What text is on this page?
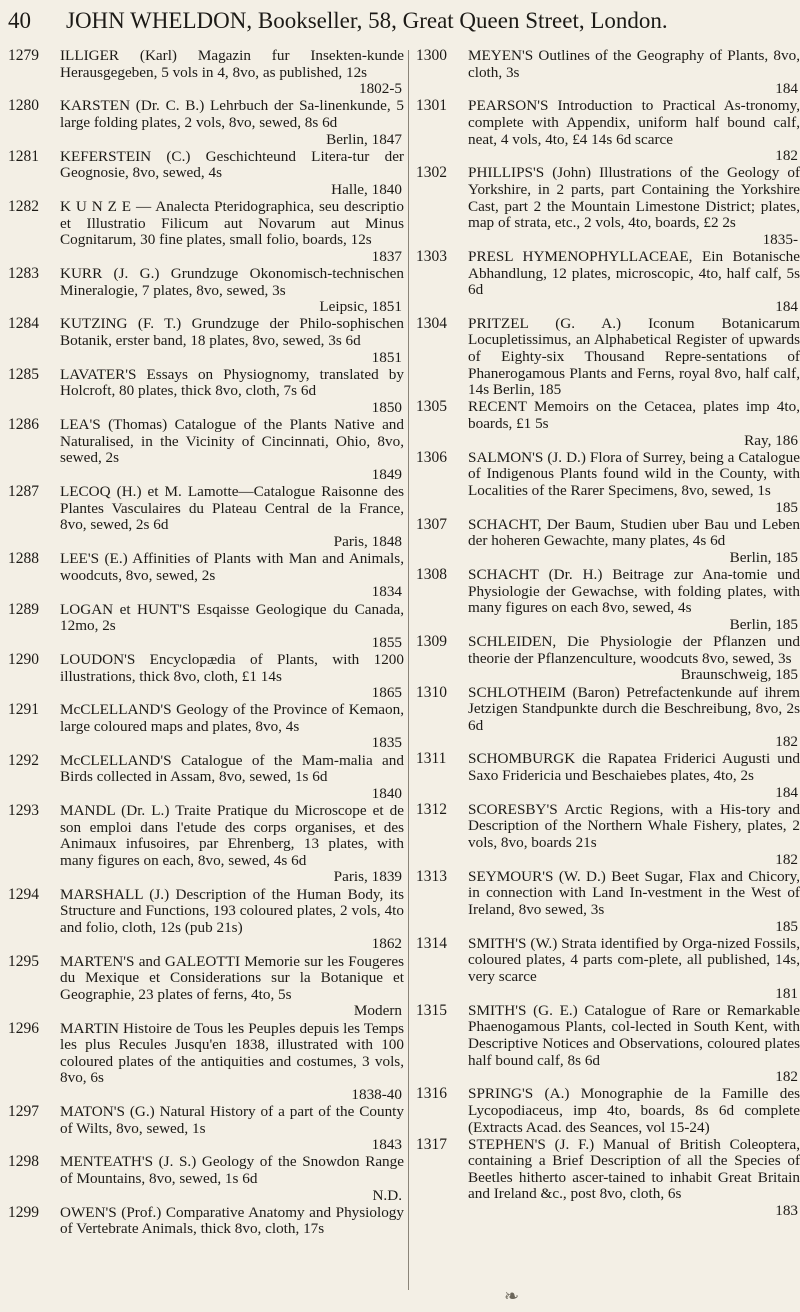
40 JOHN WHELDON, Bookseller, 58, Great Queen Street, London.
1279 ILLIGER (Karl) Magazin fur Insekten-kunde Herausgegeben, 5 vols in 4, 8vo, as published, 12s
1802-5
1280 KARSTEN (Dr. C. B.) Lehrbuch der Sa-linenkunde, 5 large folding plates, 2 vols, 8vo, sewed, 8s 6d
Berlin, 1847
1281 KEFERSTEIN (C.) Geschichteund Litera-tur der Geognosie, 8vo, sewed, 4s
Halle, 1840
1282 K U N Z E — Analecta Pteridographica, seu descriptio et Illustratio Filicum aut Novarum aut Minus Cognitarum, 30 fine plates, small folio, boards, 12s
1837
1283 KURR (J. G.) Grundzuge Okonomisch-technischen Mineralogie, 7 plates, 8vo, sewed, 3s
Leipsic, 1851
1284 KUTZING (F. T.) Grundzuge der Philo-sophischen Botanik, erster band, 18 plates, 8vo, sewed, 3s 6d
1851
1285 LAVATER'S Essays on Physiognomy, translated by Holcroft, 80 plates, thick 8vo, cloth, 7s 6d
1850
1286 LEA'S (Thomas) Catalogue of the Plants Native and Naturalised, in the Vicinity of Cincinnati, Ohio, 8vo, sewed, 2s
1849
1287 LECOQ (H.) et M. Lamotte—Catalogue Raisonne des Plantes Vasculaires du Plateau Central de la France, 8vo, sewed, 2s 6d
Paris, 1848
1288 LEE'S (E.) Affinities of Plants with Man and Animals, woodcuts, 8vo, sewed, 2s
1834
1289 LOGAN et HUNT'S Esqaisse Geologique du Canada, 12mo, 2s
1855
1290 LOUDON'S Encyclopædia of Plants, with 1200 illustrations, thick 8vo, cloth, £1 14s
1865
1291 McCLELLAND'S Geology of the Province of Kemaon, large coloured maps and plates, 8vo, 4s
1835
1292 McCLELLAND'S Catalogue of the Mam-malia and Birds collected in Assam, 8vo, sewed, 1s 6d
1840
1293 MANDL (Dr. L.) Traite Pratique du Microscope et de son emploi dans l'etude des corps organises, et des Animaux infusoires, par Ehrenberg, 13 plates, with many figures on each, 8vo, sewed, 4s 6d
Paris, 1839
1294 MARSHALL (J.) Description of the Human Body, its Structure and Functions, 193 coloured plates, 2 vols, 4to and folio, cloth, 12s (pub 21s)
1862
1295 MARTEN'S and GALEOTTI Memorie sur les Fougeres du Mexique et Considerations sur la Botanique et Geographie, 23 plates of ferns, 4to, 5s
Modern
1296 MARTIN Histoire de Tous les Peuples depuis les Temps les plus Recules Jusqu'en 1838, illustrated with 100 coloured plates of the antiquities and costumes, 3 vols, 8vo, 6s
1838-40
1297 MATON'S (G.) Natural History of a part of the County of Wilts, 8vo, sewed, 1s
1843
1298 MENTEATH'S (J. S.) Geology of the Snowdon Range of Mountains, 8vo, sewed, 1s 6d
N.D.
1299 OWEN'S (Prof.) Comparative Anatomy and Physiology of Vertebrate Animals, thick 8vo, cloth, 17s
1300 MEYEN'S Outlines of the Geography of Plants, 8vo, cloth, 3s
184
1301 PEARSON'S Introduction to Practical As-tronomy, complete with Appendix, uniform half bound calf, neat, 4 vols, 4to, £4 14s 6d scarce
182
1302 PHILLIPS'S (John) Illustrations of the Geology of Yorkshire, in 2 parts, part Containing the Yorkshire Cast, part 2 the Mountain Limestone District; plates, map of strata, etc., 2 vols, 4to, boards, £2 2s
1835-
1303 PRESL HYMENOPHYLLACEAE, Ein Botanische Abhandlung, 12 plates, microscopic, 4to, half calf, 5s 6d
184
1304 PRITZEL (G. A.) Iconum Botanicarum Locupletissimus, an Alphabetical Register of upwards of Eighty-six Thousand Repre-sentations of Phanerogamous Plants and Ferns, royal 8vo, half calf, 14s Berlin, 185
1305 RECENT Memoirs on the Cetacea, plates imp 4to, boards, £1 5s
Ray, 186
1306 SALMON'S (J. D.) Flora of Surrey, being a Catalogue of Indigenous Plants found wild in the County, with Localities of the Rarer Specimens, 8vo, sewed, 1s
185
1307 SCHACHT, Der Baum, Studien uber Bau und Leben der hoheren Gewachte, many plates, 4s 6d
Berlin, 185
1308 SCHACHT (Dr. H.) Beitrage zur Ana-tomie und Physiologie der Gewachse, with folding plates, with many figures on each 8vo, sewed, 4s
Berlin, 185
1309 SCHLEIDEN, Die Physiologie der Pflanzen und theorie der Pflanzenculture, woodcuts 8vo, sewed, 3s
Braunschweig, 185
1310 SCHLOTHEIM (Baron) Petrefactenkunde auf ihrem Jetzigen Standpunkte durch die Beschreibung, 8vo, 2s 6d
182
1311 SCHOMBURGK die Rapatea Friderici Augusti und Saxo Fridericia und Beschaiebes plates, 4to, 2s
184
1312 SCORESBY'S Arctic Regions, with a His-tory and Description of the Northern Whale Fishery, plates, 2 vols, 8vo, boards 21s
182
1313 SEYMOUR'S (W. D.) Beet Sugar, Flax and Chicory, in connection with Land In-vestment in the West of Ireland, 8vo sewed, 3s
185
1314 SMITH'S (W.) Strata identified by Orga-nized Fossils, coloured plates, 4 parts com-plete, all published, 14s, very scarce
181
1315 SMITH'S (G. E.) Catalogue of Rare or Remarkable Phaenogamous Plants, col-lected in South Kent, with Descriptive Notices and Observations, coloured plates half bound calf, 8s 6d
182
1316 SPRING'S (A.) Monographie de la Famille des Lycopodiaceus, imp 4to, boards, 8s 6d complete (Extracts Acad. des Seances, vol 15-24)
1317 STEPHEN'S (J. F.) Manual of British Coleoptera, containing a Brief Description of all the Species of Beetles hitherto ascer-tained to inhabit Great Britain and Ireland &c., post 8vo, cloth, 6s
183
❧
